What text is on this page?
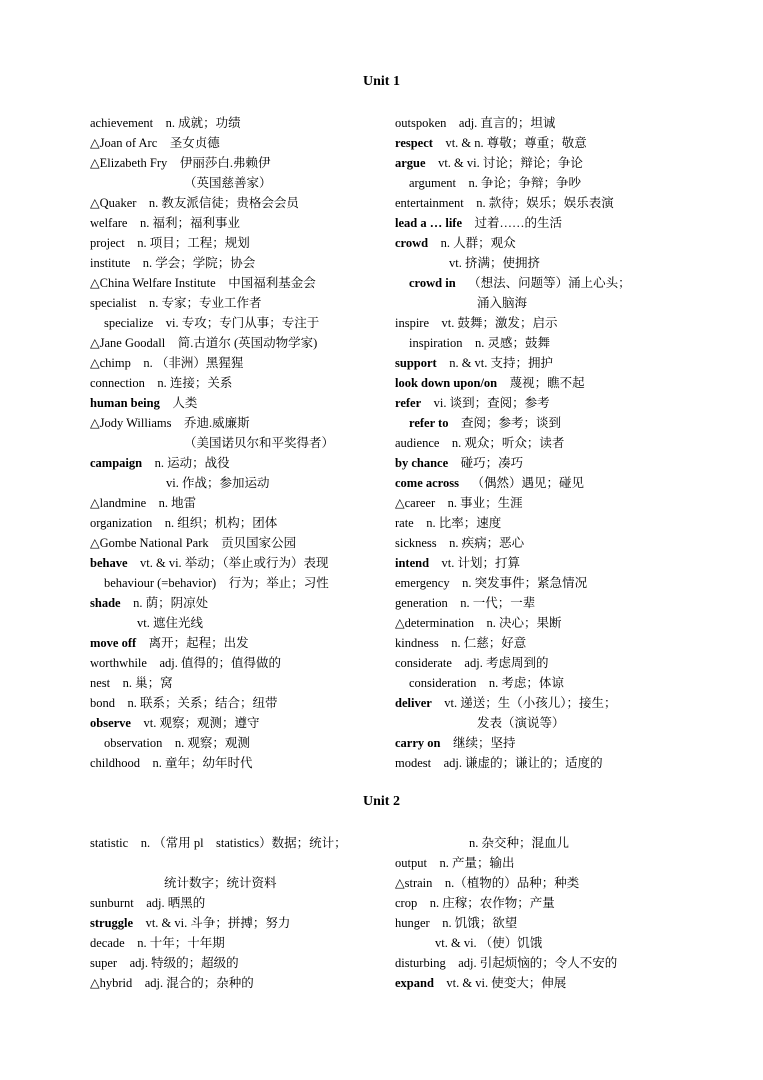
Unit 1
achievement n. 成就；功绩
△Joan of Arc 圣女贞德
△Elizabeth Fry 伊丽莎白.弗赖伊
（英国慈善家）
△Quaker n. 教友派信徒；贵格会会员
welfare n. 福利；福利事业
project n. 项目；工程；规划
institute n. 学会；学院；协会
△China Welfare Institute 中国福利基金会
specialist n. 专家；专业工作者
specialize vi. 专攻；专门从事；专注于
△Jane Goodall 简.古道尔 (英国动物学家)
△chimp n. （非洲）黑猩猩
connection n. 连接；关系
human being 人类
△Jody Williams 乔迪.威廉斯
（美国诺贝尔和平奖得者）
campaign n. 运动；战役
vi. 作战；参加运动
△landmine n. 地雷
organization n. 组织；机构；团体
△Gombe National Park 贡贝国家公园
behave vt. & vi. 举动；（举止或行为）表现
behaviour (=behavior) 行为；举止；习性
shade n. 荫；阴凉处
vt. 遮住光线
move off 离开；起程；出发
worthwhile adj. 值得的；值得做的
nest n. 巢；窝
bond n. 联系；关系；结合；纽带
observe vt. 观察；观测；遵守
observation n. 观察；观测
childhood n. 童年；幼年时代
outspoken adj. 直言的；坦诚
respect vt. & n. 尊敬；尊重；敬意
argue vt. & vi. 讨论；辩论；争论
argument n. 争论；争辩；争吵
entertainment n. 款待；娱乐；娱乐表演
lead a … life 过着……的生活
crowd n. 人群；观众
vt. 挤满；使拥挤
crowd in （想法、问题等）涌上心头；
涌入脑海
inspire vt. 鼓舞；激发；启示
inspiration n. 灵感；鼓舞
support n. & vt. 支持；拥护
look down upon/on 蔑视；瞧不起
refer vi. 谈到；查阅；参考
refer to 查阅；参考；谈到
audience n. 观众；听众；读者
by chance 碰巧；凑巧
come across （偶然）遇见；碰见
△career n. 事业；生涯
rate n. 比率；速度
sickness n. 疾病；恶心
intend vt. 计划；打算
emergency n. 突发事件；紧急情况
generation n. 一代；一辈
△determination n. 决心；果断
kindness n. 仁慈；好意
considerate adj. 考虑周到的
consideration n. 考虑；体谅
deliver vt. 递送；生（小孩儿）；接生；
发表（演说等）
carry on 继续；坚持
modest adj. 谦虚的；谦让的；适度的
Unit 2
statistic n. （常用 pl　statistics）数据；统计；
统计数字；统计资料
sunburnt adj. 晒黑的
struggle vt. & vi. 斗争；拼搏；努力
decade n. 十年；十年期
super adj. 特级的；超级的
△hybrid adj. 混合的；杂种的
n. 杂交种；混血儿
output n. 产量；输出
△strain n.（植物的）品种；种类
crop n. 庄稼；农作物；产量
hunger n. 饥饿；欲望
vt. & vi. （使）饥饿
disturbing adj. 引起烦恼的；令人不安的
expand vt. & vi. 使变大；伸展
